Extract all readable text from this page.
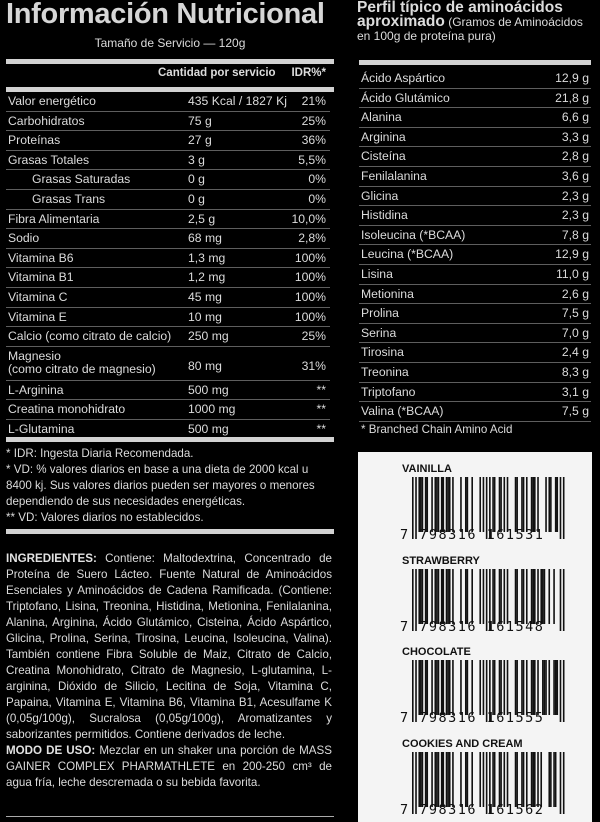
Información Nutricional
Tamaño de Servicio — 120g
Cantidad por servicio IDR%*
Valor energético	435 Kcal / 1827 Kj 21%
Carbohidratos	75 g	25%
Proteínas	27 g	36%
Grasas Totales	3 g	5,5%
Grasas Saturadas	0 g	0%
Grasas Trans	0 g	0%
Fibra Alimentaria	2,5 g	10,0%
Sodio	68 mg	2,8%
Vitamina B6	1,3 mg	100%
Vitamina B1	1,2 mg	100%
Vitamina C	45 mg	100%
Vitamina E	10 mg	100%
Calcio (como citrato de calcio) 250 mg	25%
Magnesio
(como citrato de magnesio)	80 mg	31%
L-Arginina	500 mg	**
Creatina monohidrato	1000 mg	**
L-Glutamina	500 mg	**
* IDR: Ingesta Diaria Recomendada.
* VD: % valores diarios en base a una dieta de 2000 kcal u 8400 kj. Sus valores diarios pueden ser mayores o menores dependiendo de sus necesidades energéticas.
** VD: Valores diarios no establecidos.
INGREDIENTES: Contiene: Maltodextrina, Concentrado de Proteína de Suero Lácteo. Fuente Natural de Aminoácidos Esenciales y Aminoácidos de Cadena Ramificada. (Contiene: Triptofano, Lisina, Treonina, Histidina, Metionina, Fenilalanina, Alanina, Arginina, Ácido Glutámico, Cisteina, Ácido Aspártico, Glicina, Prolina, Serina, Tirosina, Leucina, Isoleucina, Valina). También contiene Fibra Soluble de Maiz, Citrato de Calcio, Creatina Monohidrato, Citrato de Magnesio, L-glutamina, L-arginina, Dióxido de Silicio, Lecitina de Soja, Vitamina C, Papaina, Vitamina E, Vitamina B6, Vitamina B1, Acesulfame K (0,05g/100g), Sucralosa (0,05g/100g), Aromatizantes y saborizantes permitidos. Contiene derivados de leche.
MODO DE USO: Mezclar en un shaker una porción de MASS GAINER COMPLEX PHARMATHLETE en 200-250 cm³ de agua fría, leche descremada o su bebida favorita.
Perfil típico de aminoácidos aproximado (Gramos de Aminoácidos en 100g de proteína pura)
Ácido Aspártico	12,9 g
Ácido Glutámico	21,8 g
Alanina	6,6 g
Arginina	3,3 g
Cisteína	2,8 g
Fenilalanina	3,6 g
Glicina	2,3 g
Histidina	2,3 g
Isoleucina (*BCAA)	7,8 g
Leucina (*BCAA)	12,9 g
Lisina	11,0 g
Metionina	2,6 g
Prolina	7,5 g
Serina	7,0 g
Tirosina	2,4 g
Treonina	8,3 g
Triptofano	3,1 g
Valina (*BCAA)	7,5 g
* Branched Chain Amino Acid
VAINILLA
7 798316 161531
STRAWBERRY
7 798316 161548
CHOCOLATE
7 798316 161555
COOKIES AND CREAM
7 798316 161562
